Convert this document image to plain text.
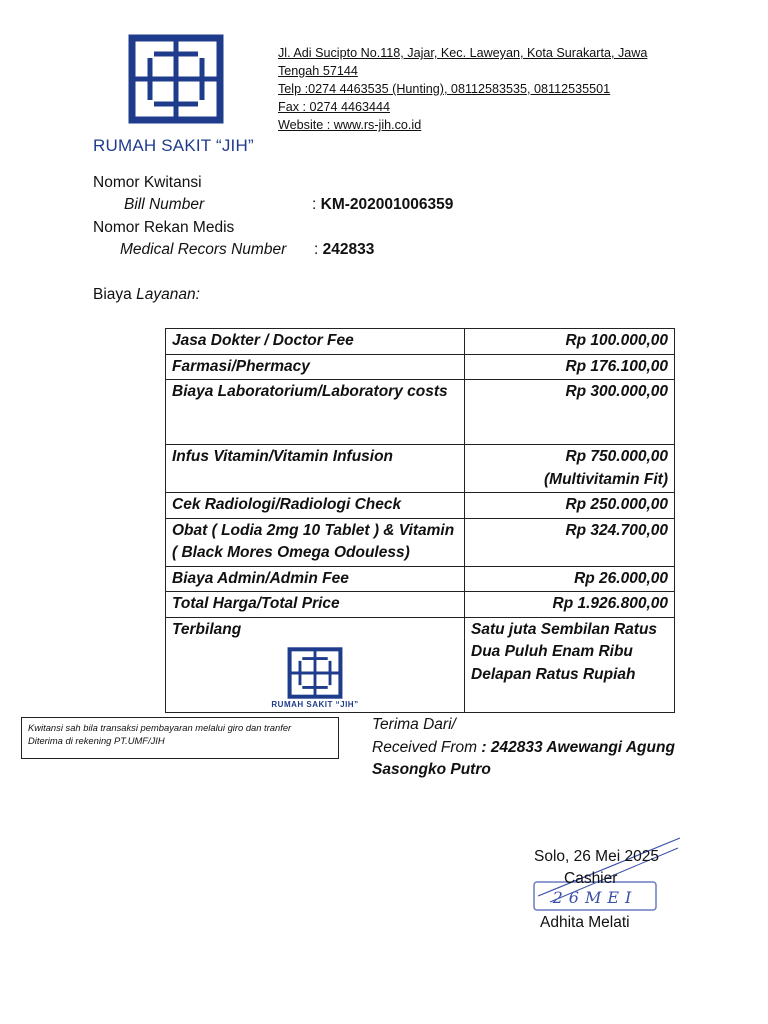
RUMAH SAKIT “JIH”
Jl. Adi Sucipto No.118, Jajar, Kec. Laweyan, Kota Surakarta, Jawa
Tengah 57144
Telp :0274 4463535 (Hunting), 08112583535, 08112535501
Fax : 0274 4463444
Website : www.rs-jih.co.id
Nomor Kwitansi
Bill Number	: KM-202001006359
Nomor Rekan Medis
Medical Recors Number : 242833
Biaya Layanan:
Jasa Dokter / Doctor Fee	Rp 100.000,00
Farmasi/Phermacy	Rp 176.100,00
Biaya Laboratorium/Laboratory costs	Rp 300.000,00
Infus Vitamin/Vitamin Infusion	Rp 750.000,00
(Multivitamin Fit)

Cek Radiologi/Radiologi Check	Rp 250.000,00
Obat ( Lodia 2mg 10 Tablet ) & Vitamin ( Black Mores Omega Odouless)	Rp 324.700,00
Biaya Admin/Admin Fee	Rp 26.000,00
Total Harga/Total Price	Rp 1.926.800,00

Terbilang
RUMAH SAKIT “JIH”	Satu juta Sembilan Ratus Dua Puluh Enam Ribu Delapan Ratus Rupiah
Kwitansi sah bila transaksi pembayaran melalui giro dan tranfer
Diterima di rekening PT.UMF/JIH
Terima Dari/
Received From : 242833 Awewangi Agung Sasongko Putro
26MEI
Solo, 26 Mei 2025
Cashier
Adhita Melati
